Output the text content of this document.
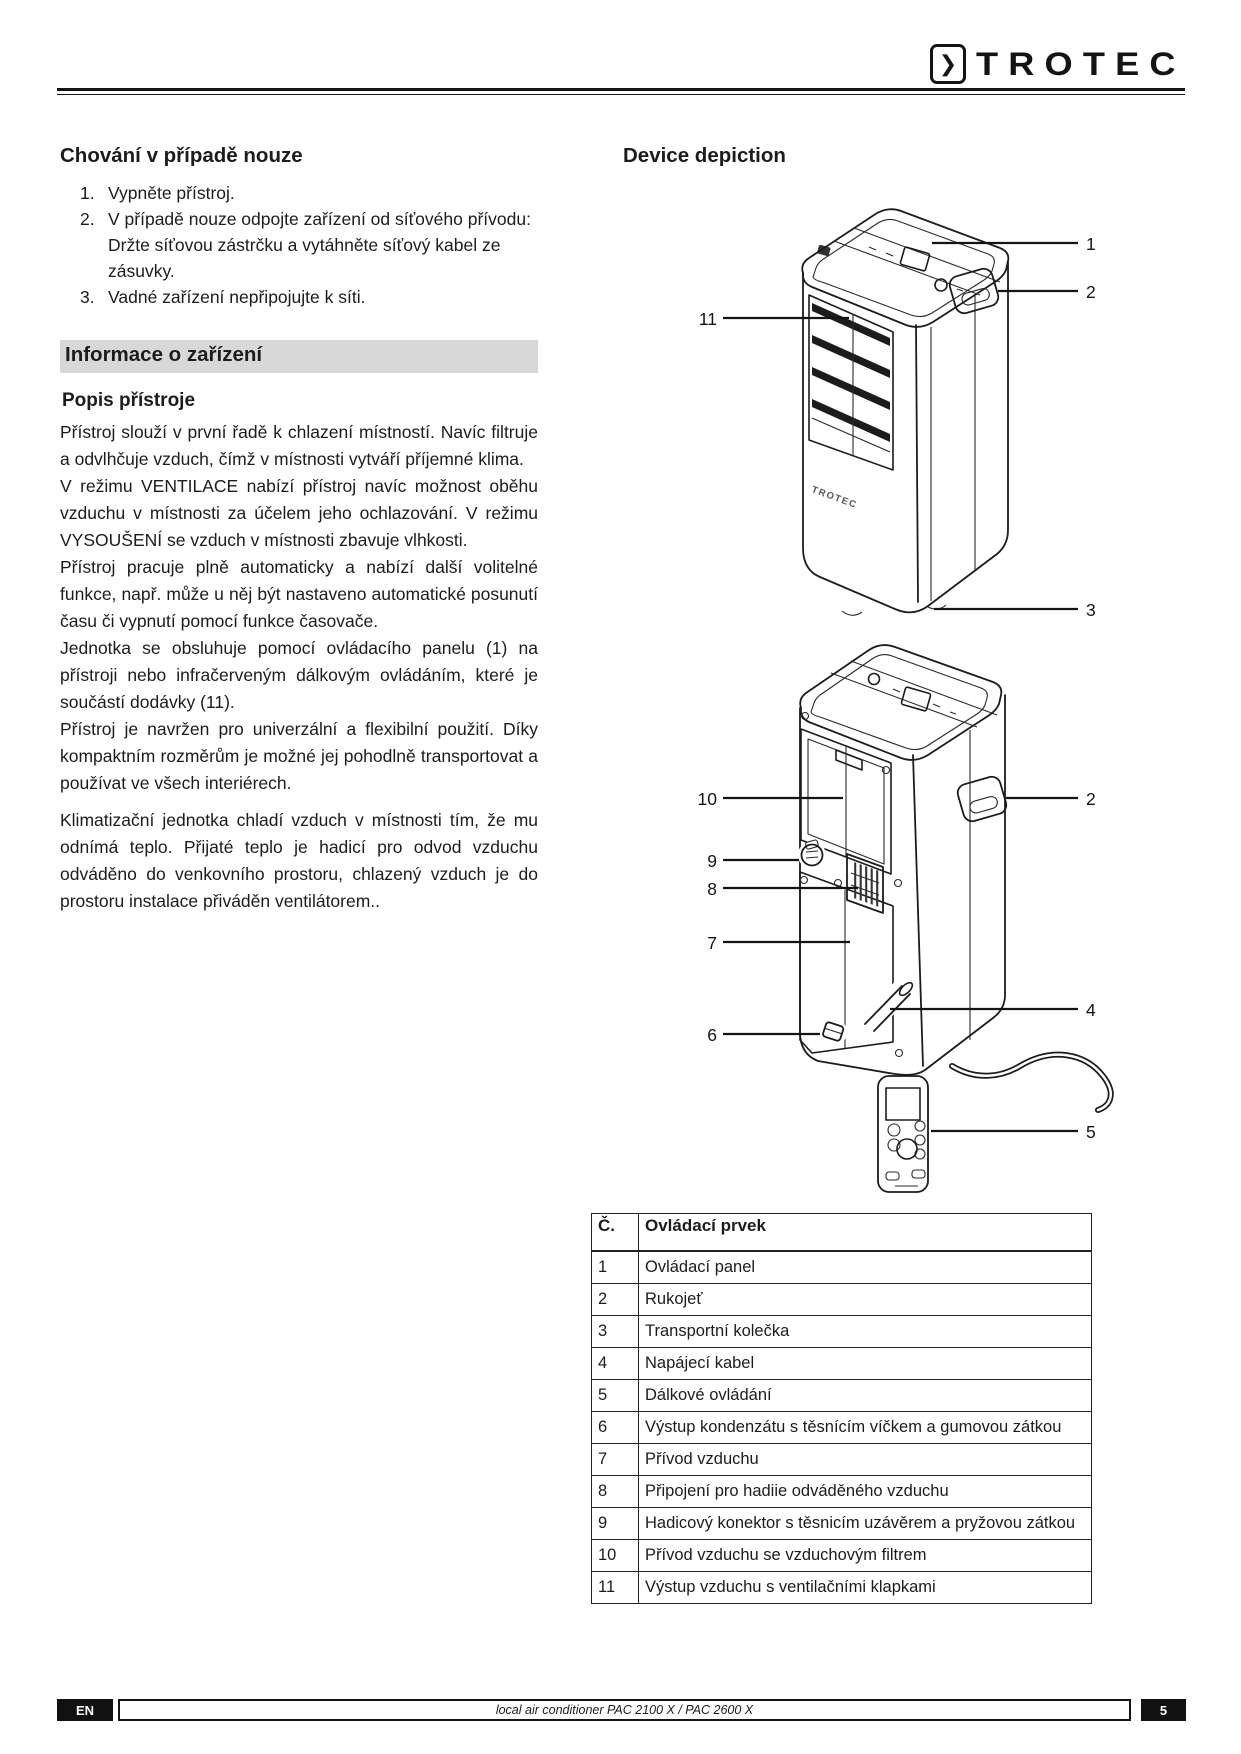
❯ TROTEC
Chování v případě nouze
1. Vypněte přístroj.
2. V případě nouze odpojte zařízení od síťového přívodu: Držte síťovou zástrčku a vytáhněte síťový kabel ze zásuvky.
3. Vadné zařízení nepřipojujte k síti.
Informace o zařízení
Popis přístroje

Přístroj slouží v první řadě k chlazení místností. Navíc filtruje a odvlhčuje vzduch, čímž v místnosti vytváří příjemné klima.

V režimu VENTILACE nabízí přístroj navíc možnost oběhu vzduchu v místnosti za účelem jeho ochlazování. V režimu VYSOUŠENÍ se vzduch v místnosti zbavuje vlhkosti.

Přístroj pracuje plně automaticky a nabízí další volitelné funkce, např. může u něj být nastaveno automatické posunutí času či vypnutí pomocí funkce časovače.

Jednotka se obsluhuje pomocí ovládacího panelu (1) na přístroji nebo infračerveným dálkovým ovládáním, které je součástí dodávky (11).

Přístroj je navržen pro univerzální a flexibilní použití. Díky kompaktním rozměrům je možné jej pohodlně transportovat a používat ve všech interiérech.

Klimatizační jednotka chladí vzduch v místnosti tím, že mu odnímá teplo. Přijaté teplo je hadicí pro odvod vzduchu odváděno do venkovního prostoru, chlazený vzduch je do prostoru instalace přiváděn ventilátorem..

Device depiction
TROTEC
1
2
11
3
10	2
9
8
7
4
6
5
Č.	Ovládací prvek
1	Ovládací panel
2	Rukojeť
3	Transportní kolečka
4	Napájecí kabel
5	Dálkové ovládání
6	Výstup kondenzátu s těsnícím víčkem a gumovou zátkou
7	Přívod vzduchu
8	Připojení pro hadiie odváděného vzduchu
9	Hadicový konektor s těsnicím uzávěrem a pryžovou zátkou
10	Přívod vzduchu se vzduchovým filtrem
11	Výstup vzduchu s ventilačními klapkami
EN	local air conditioner PAC 2100 X / PAC 2600 X	5
